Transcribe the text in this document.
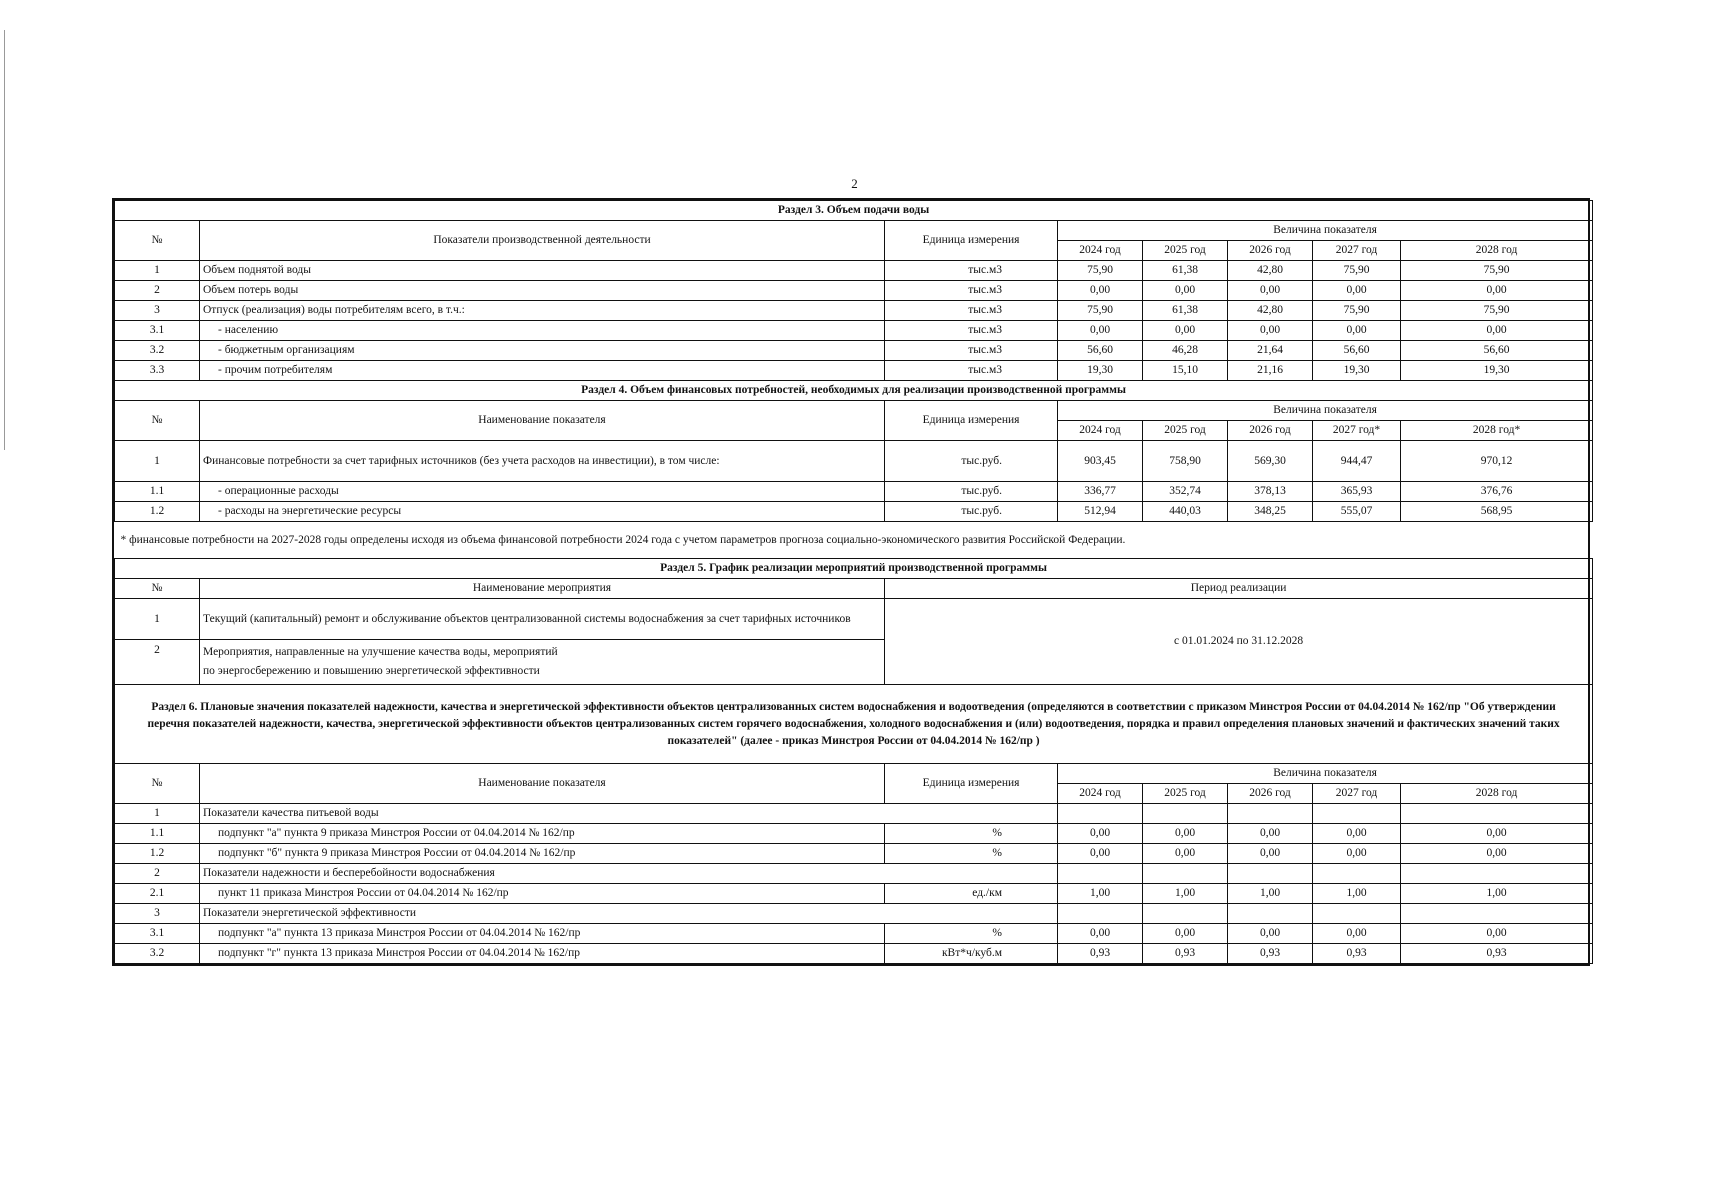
2
Раздел 3. Объем подачи воды							
№	Показатели производственной деятельности	Единица измерения	Величина показателя				
			2024 год	2025 год	2026 год	2027 год	2028 год
1	Объем поднятой воды	тыс.м3	75,90	61,38	42,80	75,90	75,90
2	Объем потерь воды	тыс.м3	0,00	0,00	0,00	0,00	0,00
3	Отпуск (реализация) воды потребителям всего, в т.ч.:	тыс.м3	75,90	61,38	42,80	75,90	75,90
3.1	- населению	тыс.м3	0,00	0,00	0,00	0,00	0,00
3.2	- бюджетным организациям	тыс.м3	56,60	46,28	21,64	56,60	56,60
3.3	- прочим потребителям	тыс.м3	19,30	15,10	21,16	19,30	19,30
Раздел 4. Объем финансовых потребностей, необходимых для реализации производственной программы							
№	Наименование показателя	Единица измерения	Величина показателя				
			2024 год	2025 год	2026 год	2027 год*	2028 год*
1	Финансовые потребности за счет тарифных источников (без учета расходов на инвестиции), в том числе:	тыс.руб.	903,45	758,90	569,30	944,47	970,12
1.1	- операционные расходы	тыс.руб.	336,77	352,74	378,13	365,93	376,76
1.2	- расходы на энергетические ресурсы	тыс.руб.	512,94	440,03	348,25	555,07	568,95
* финансовые потребности на 2027-2028 годы определены исходя из объема финансовой потребности 2024 года с учетом параметров прогноза социально-экономического развития Российской Федерации.							
Раздел 5. График реализации мероприятий производственной программы							
№	Наименование мероприятия	Период реализации					
1	Текущий (капитальный) ремонт и обслуживание объектов централизованной системы водоснабжения за счет тарифных источников	с 01.01.2024 по 31.12.2028					
2	Мероприятия, направленные на улучшение качества воды, мероприятий
по энергосбережению и повышению энергетической эффективности						

Раздел 6. Плановые значения показателей надежности, качества и энергетической эффективности объектов централизованных систем водоснабжения и водоотведения (определяются в соответствии с приказом Минстроя России от 04.04.2014 № 162/пр "Об утверждении перечня показателей надежности, качества, энергетической эффективности объектов централизованных систем горячего водоснабжения, холодного водоснабжения и (или) водоотведения, порядка и правил определения плановых значений и фактических значений таких показателей" (далее - приказ Минстроя России от 04.04.2014 № 162/пр )							
№	Наименование показателя	Единица измерения	Величина показателя				
			2024 год	2025 год	2026 год	2027 год	2028 год
1	Показатели качества питьевой воды						
1.1	подпункт "а" пункта 9 приказа Минстроя России от 04.04.2014 № 162/пр	%	0,00	0,00	0,00	0,00	0,00
1.2	подпункт "б" пункта 9 приказа Минстроя России от 04.04.2014 № 162/пр	%	0,00	0,00	0,00	0,00	0,00
2	Показатели надежности и бесперебойности водоснабжения						
2.1	пункт 11 приказа Минстроя России от 04.04.2014 № 162/пр	ед./км	1,00	1,00	1,00	1,00	1,00
3	Показатели энергетической эффективности						
3.1	подпункт "а" пункта 13 приказа Минстроя России от 04.04.2014 № 162/пр	%	0,00	0,00	0,00	0,00	0,00
3.2	подпункт "г" пункта 13 приказа Минстроя России от 04.04.2014 № 162/пр	кВт*ч/куб.м	0,93	0,93	0,93	0,93	0,93
